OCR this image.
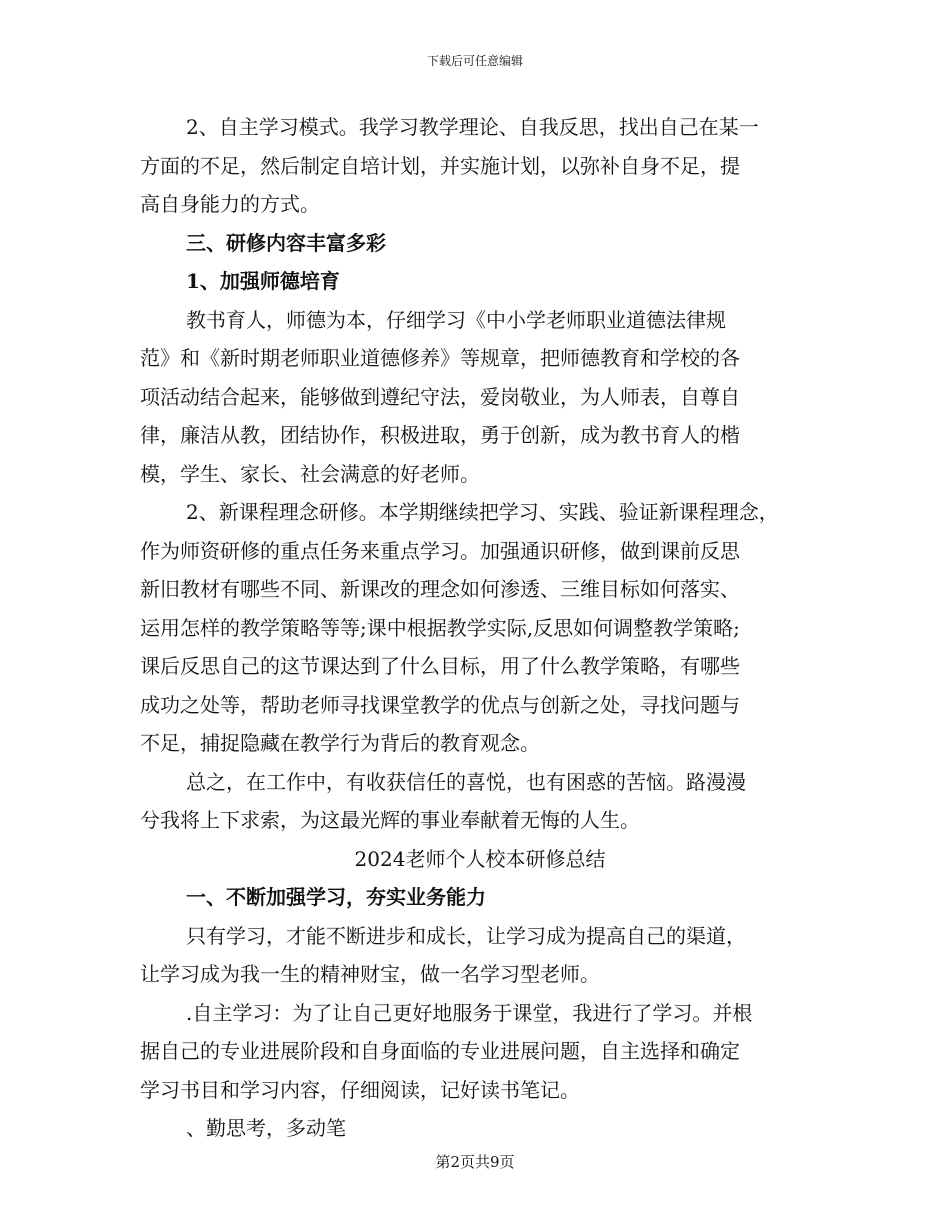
下载后可任意编辑
2、自主学习模式。我学习教学理论、自我反思，找出自己在某一
方面的不足，然后制定自培计划，并实施计划，以弥补自身不足，提
高自身能力的方式。
三、研修内容丰富多彩
1、加强师德培育
教书育人，师德为本，仔细学习《中小学老师职业道德法律规
范》和《新时期老师职业道德修养》等规章，把师德教育和学校的各
项活动结合起来，能够做到遵纪守法，爱岗敬业，为人师表，自尊自
律，廉洁从教，团结协作，积极进取，勇于创新，成为教书育人的楷
模，学生、家长、社会满意的好老师。
2、新课程理念研修。本学期继续把学习、实践、验证新课程理念，
作为师资研修的重点任务来重点学习。加强通识研修，做到课前反思
新旧教材有哪些不同、新课改的理念如何渗透、三维目标如何落实、
运用怎样的教学策略等等;课中根据教学实际,反思如何调整教学策略;
课后反思自己的这节课达到了什么目标，用了什么教学策略，有哪些
成功之处等，帮助老师寻找课堂教学的优点与创新之处，寻找问题与
不足，捕捉隐藏在教学行为背后的教育观念。
总之，在工作中，有收获信任的喜悦，也有困惑的苦恼。路漫漫
兮我将上下求索，为这最光辉的事业奉献着无悔的人生。
2024老师个人校本研修总结
一、不断加强学习，夯实业务能力
只有学习，才能不断进步和成长，让学习成为提高自己的渠道，
让学习成为我一生的精神财宝，做一名学习型老师。
.自主学习：为了让自己更好地服务于课堂，我进行了学习。并根
据自己的专业进展阶段和自身面临的专业进展问题，自主选择和确定
学习书目和学习内容，仔细阅读，记好读书笔记。
、勤思考，多动笔
第2页共9页
